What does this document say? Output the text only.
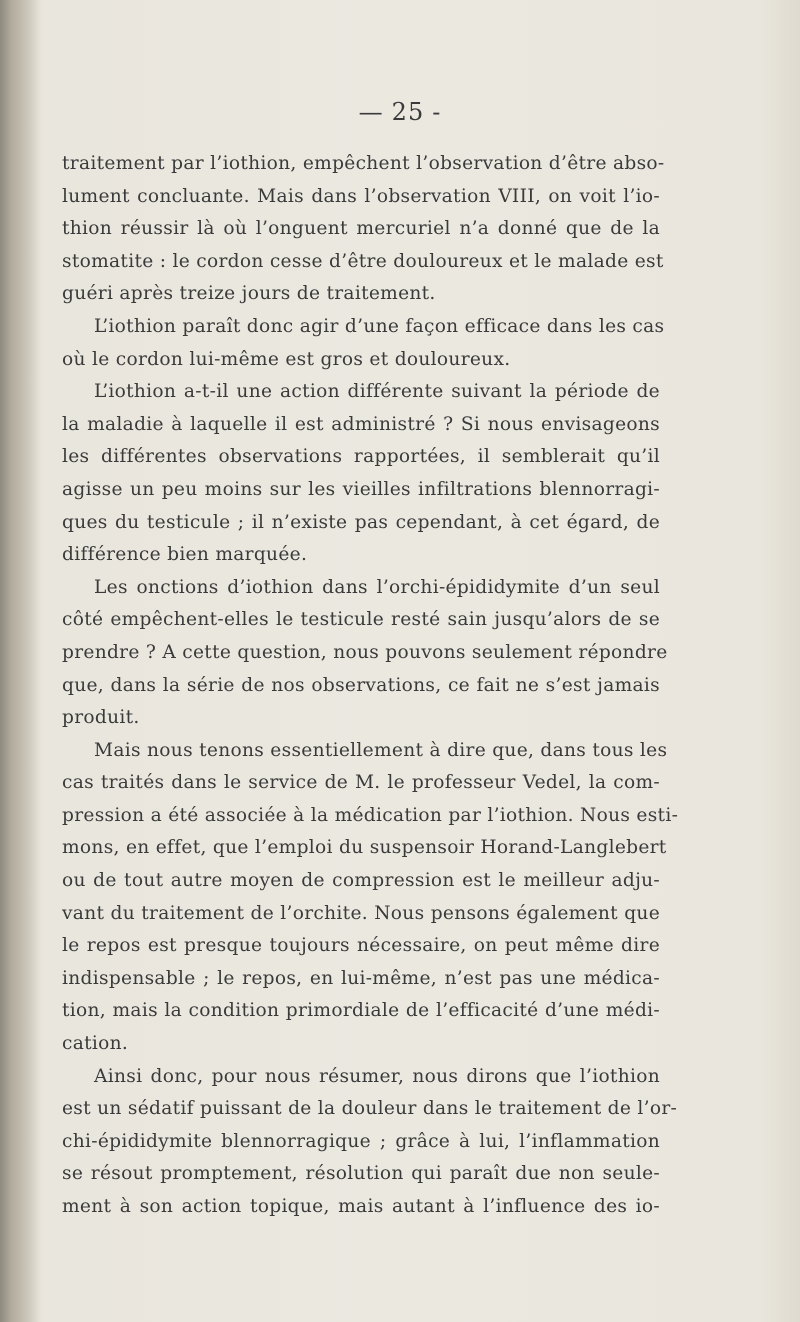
— 25 -
traitement par l’iothion, empêchent l’observation d’être abso-
lument concluante. Mais dans l’observation VIII, on voit l’io-
thion réussir là où l’onguent mercuriel n’a donné que de la
stomatite : le cordon cesse d’être douloureux et le malade est
guéri après treize jours de traitement.
L’iothion paraît donc agir d’une façon efficace dans les cas
où le cordon lui-même est gros et douloureux.
L’iothion a-t-il une action différente suivant la période de
la maladie à laquelle il est administré ? Si nous envisageons
les différentes observations rapportées, il semblerait qu’il
agisse un peu moins sur les vieilles infiltrations blennorragi-
ques du testicule ; il n’existe pas cependant, à cet égard, de
différence bien marquée.
Les onctions d’iothion dans l’orchi-épididymite d’un seul
côté empêchent-elles le testicule resté sain jusqu’alors de se
prendre ? A cette question, nous pouvons seulement répondre
que, dans la série de nos observations, ce fait ne s’est jamais
produit.
Mais nous tenons essentiellement à dire que, dans tous les
cas traités dans le service de M. le professeur Vedel, la com-
pression a été associée à la médication par l’iothion. Nous esti-
mons, en effet, que l’emploi du suspensoir Horand-Langlebert
ou de tout autre moyen de compression est le meilleur adju-
vant du traitement de l’orchite. Nous pensons également que
le repos est presque toujours nécessaire, on peut même dire
indispensable ; le repos, en lui-même, n’est pas une médica-
tion, mais la condition primordiale de l’efficacité d’une médi-
cation.
Ainsi donc, pour nous résumer, nous dirons que l’iothion
est un sédatif puissant de la douleur dans le traitement de l’or-
chi-épididymite blennorragique ; grâce à lui, l’inflammation
se résout promptement, résolution qui paraît due non seule-
ment à son action topique, mais autant à l’influence des io-
